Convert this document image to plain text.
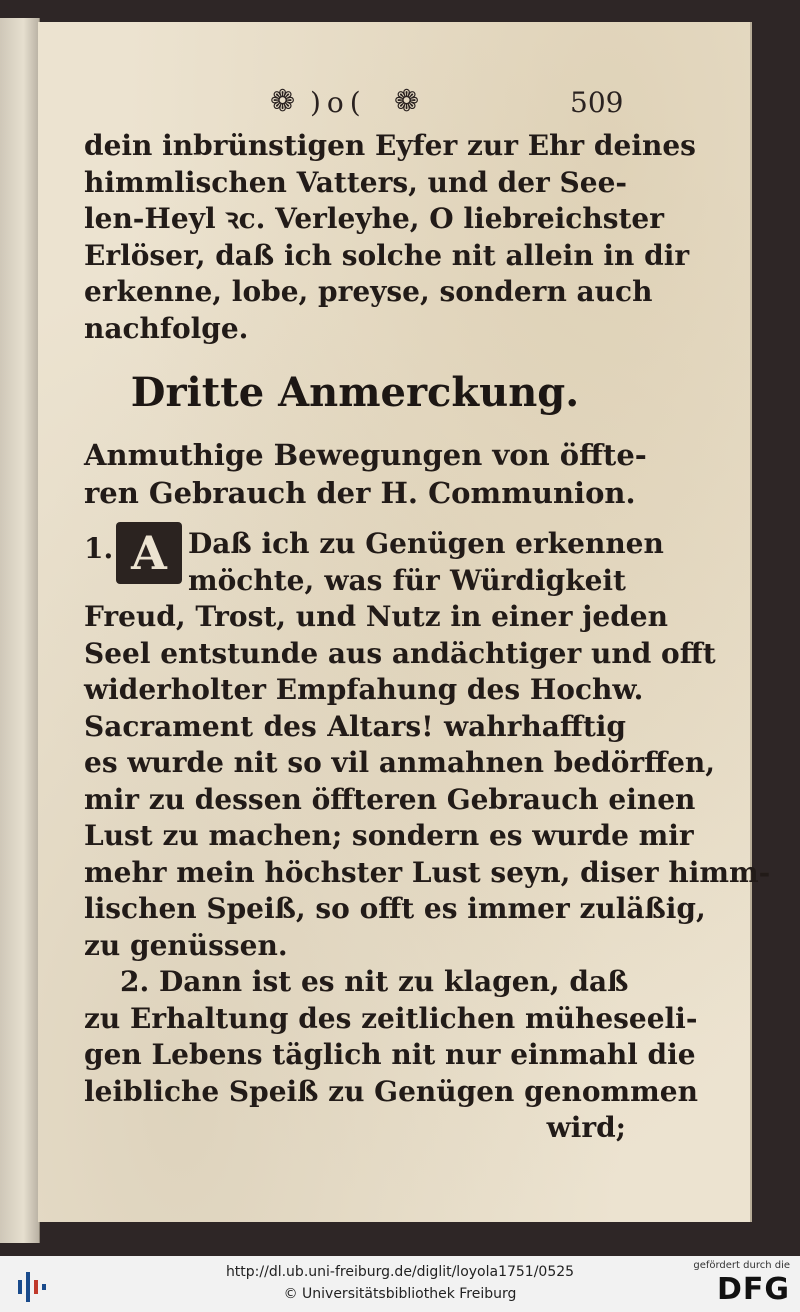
❁ )o( ❁	509
dein inbrünstigen Eyfer zur Ehr deines
himmlischen Vatters, und der See-
len-Heyl ꝛc. Verleyhe, O liebreichster
Erlöser, daß ich solche nit allein in dir
erkenne, lobe, preyse, sondern auch
nachfolge.
Dritte Anmerckung.
Anmuthige Bewegungen von öffte-
ren Gebrauch der H. Communion.
1. A Daß ich zu Genügen erkennen
möchte, was für Würdigkeit
Freud, Trost, und Nutz in einer jeden
Seel entstunde aus andächtiger und offt
widerholter Empfahung des Hochw.
Sacrament des Altars! wahrhafftig
es wurde nit so vil anmahnen bedörffen,
mir zu dessen öffteren Gebrauch einen
Lust zu machen; sondern es wurde mir
mehr mein höchster Lust seyn, diser himm-
lischen Speiß, so offt es immer zuläßig,
zu genüssen.
2. Dann ist es nit zu klagen, daß
zu Erhaltung des zeitlichen müheseeli-
gen Lebens täglich nit nur einmahl die
leibliche Speiß zu Genügen genommen
wird;
http://dl.ub.uni-freiburg.de/diglit/loyola1751/0525
© Universitätsbibliothek Freiburg
gefördert durch die
DFG
